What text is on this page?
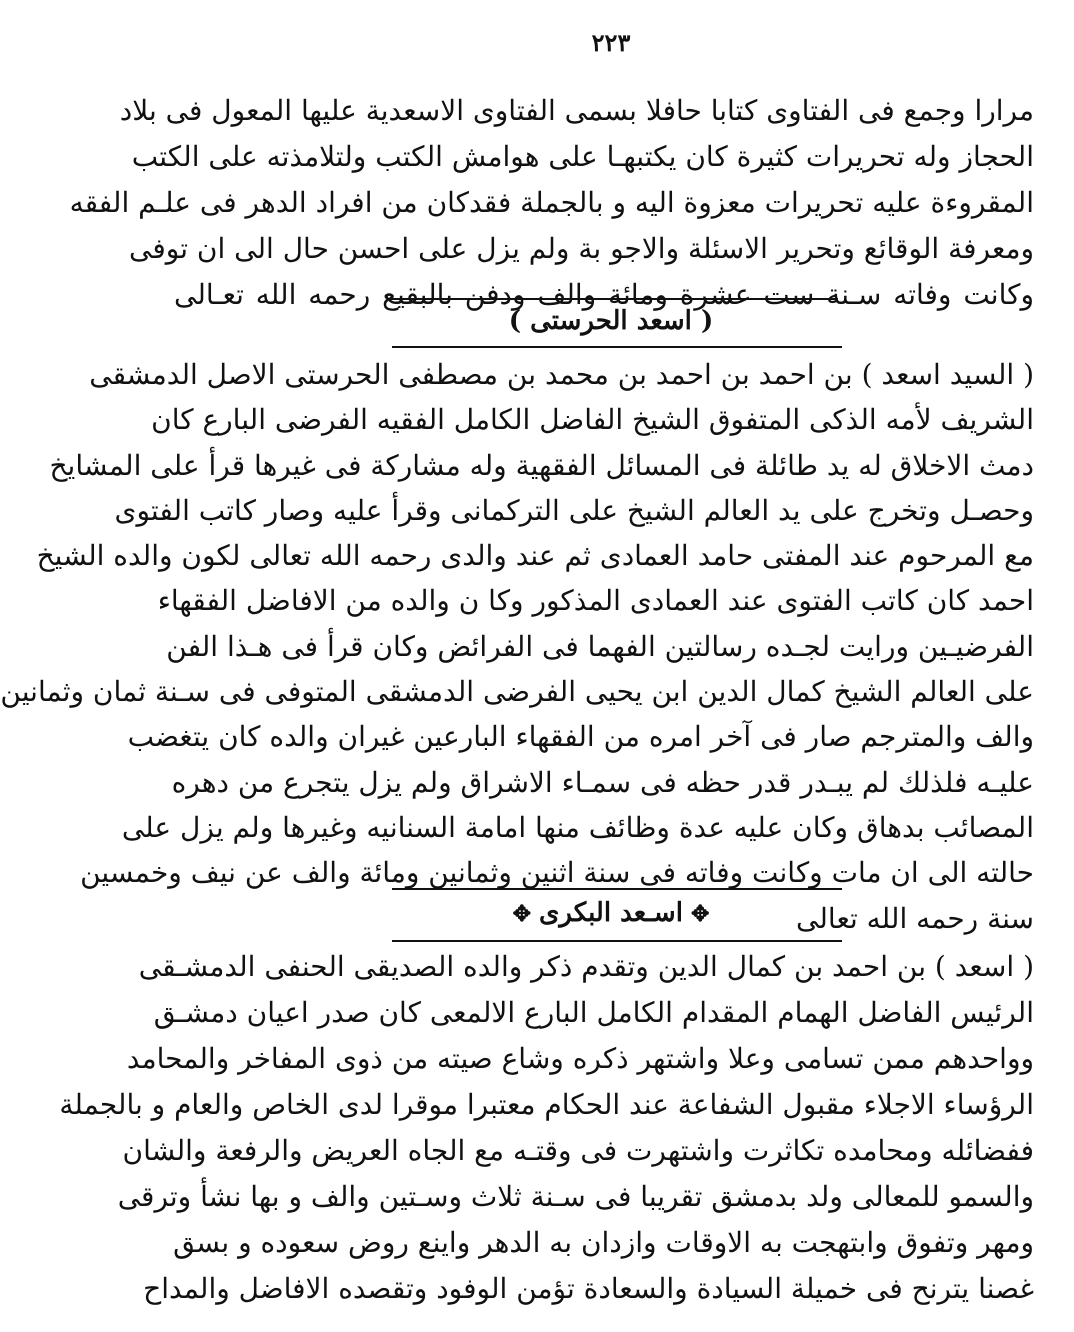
٢٢٣
مرارا وجمع فى الفتاوى كتابا حافلا بسمى الفتاوى الاسعدية عليها المعول فى بلاد
الحجاز وله تحريرات كثيرة كان يكتبهـا على هوامش الكتب ولتلامذته على الكتب
المقروءة عليه تحريرات معزوة اليه و بالجملة فقدكان من افراد الدهر فى علـم الفقه
ومعرفة الوقائع وتحرير الاسئلة والاجو بة ولم يزل على احسن حال الى ان توفى
وكانت وفاته سـنة ست عشرة ومائة والف ودفن بالبقيع رحمه الله تعـالى
( اسعد الحرستى )
( السيد اسعد ) بن احمد بن احمد بن محمد بن مصطفى الحرستى الاصل الدمشقى
الشريف لأمه الذكى المتفوق الشيخ الفاضل الكامل الفقيه الفرضى البارع كان
دمث الاخلاق له يد طائلة فى المسائل الفقهية وله مشاركة فى غيرها قرأ على المشايخ
وحصـل وتخرج على يد العالم الشيخ على التركمانى وقرأ عليه وصار كاتب الفتوى
مع المرحوم عند المفتى حامد العمادى ثم عند والدى رحمه الله تعالى لكون والده الشيخ
احمد كان كاتب الفتوى عند العمادى المذكور وكا ن والده من الافاضل الفقهاء
الفرضيـين ورايت لجـده رسالتين الفهما فى الفرائض وكان قرأ فى هـذا الفن
على العالم الشيخ كمال الدين ابن يحيى الفرضى الدمشقى المتوفى فى سـنة ثمان وثمانين
والف والمترجم صار فى آخر امره من الفقهاء البارعين غيران والده كان يتغضب
عليـه فلذلك لم يبـدر قدر حظه فى سمـاء الاشراق ولم يزل يتجرع من دهره
المصائب بدهاق وكان عليه عدة وظائف منها امامة السنانيه وغيرها ولم يزل على
حالته الى ان مات وكانت وفاته فى سنة اثنين وثمانين ومائة والف عن نيف وخمسين
سنة رحمه الله تعالى
✥اسـعد البكرى✥
( اسعد ) بن احمد بن كمال الدين وتقدم ذكر والده الصديقى الحنفى الدمشـقى
الرئيس الفاضل الهمام المقدام الكامل البارع الالمعى كان صدر اعيان دمشـق
وواحدهم ممن تسامى وعلا واشتهر ذكره وشاع صيته من ذوى المفاخر والمحامد
الرؤساء الاجلاء مقبول الشفاعة عند الحكام معتبرا موقرا لدى الخاص والعام و بالجملة
ففضائله ومحامده تكاثرت واشتهرت فى وقتـه مع الجاه العريض والرفعة والشان
والسمو للمعالى ولد بدمشق تقريبا فى سـنة ثلاث وسـتين والف و بها نشأ وترقى
ومهر وتفوق وابتهجت به الاوقات وازدان به الدهر واينع روض سعوده و بسق
غصنا يترنح فى خميلة السيادة والسعادة تؤمن الوفود وتقصده الافاضل والمداح
